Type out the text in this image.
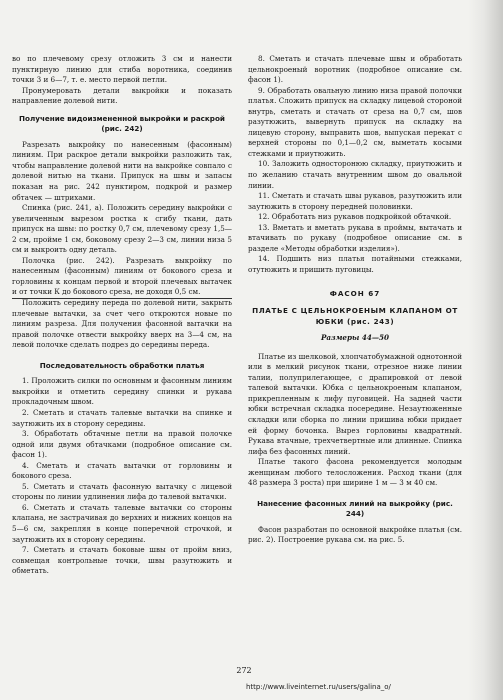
во по плечевому срезу отложить 3 см и нанести пунктирную линию для стиба воротника, соединив точки 3 и 6—7, т. е. место первой петли.

Пронумеровать детали выкройки и показать направление долевой нити.

Получение видоизмененной выкройки и раскрой (рис. 242)

Разрезать выкройку по нанесенным (фасонным) линиям. При раскрое детали выкройки разложить так, чтобы направление долевой нити на выкройке совпало с долевой нитью на ткани. Припуск на швы и запасы показан на рис. 242 пунктиром, подкрой и размер обтачек — штрихами.

Спинка (рис. 241, а). Положить середину выкройки с увеличенным вырезом ростка к сгибу ткани, дать припуск на швы: по ростку 0,7 см, плечевому срезу 1,5—2 см, пройме 1 см, боковому срезу 2—3 см, линии низа 5 см и выкроить одну деталь.

Полочка (рис. 242). Разрезать выкройку по нанесенным (фасонным) линиям от бокового среза и горловины к концам первой и второй плечевых вытачек и от точки К до бокового среза, не доходя 0,5 см.

Положить середину переда по долевой нити, закрыть плечевые вытачки, за счет чего откроются новые по линиям разреза. Для получения фасонной вытачки на правой полочке отвести выкройку вверх на 3—4 см, на левой полочке сделать подрез до середины переда.

Последовательность обработки платья

1. Проложить силки по основным и фасонным линиям выкройки и отметить середину спинки и рукава прокладочным швом.

2. Сметать и стачать талевые вытачки на спинке и заутюжить их в сторону середины.

3. Обработать обтачные петли на правой полочке одной или двумя обтачками (подробное описание см. фасон 1).

4. Сметать и стачать вытачки от горловины и бокового среза.

5. Сметать и стачать фасонную вытачку с лицевой стороны по линии удлинения лифа до талевой вытачки.

6. Сметать и стачать талевые вытачки со стороны клапана, не застрачивая до верхних и нижних концов на 5—6 см, закрепляя в конце поперечной строчкой, и заутюжить их в сторону середины.

7. Сметать и стачать боковые швы от пройм вниз, совмещая контрольные точки, швы разутюжить и обметать.

8. Сметать и стачать плечевые швы и обработать цельнокроеный воротник (подробное описание см. фасон 1).

9. Обработать овальную линию низа правой полочки платья. Сложить припуск на складку лицевой стороной внутрь, сметать и стачать от среза на 0,7 см, шов разутюжить, вывернуть припуск на складку на лицевую сторону, выправить шов, выпуская перекат с верхней стороны по 0,1—0,2 см, выметать косыми стежками и приутюжить.

10. Заложить односторонюю складку, приутюжить и по желанию стачать внутренним швом до овальной линии.

11. Сметать и стачать швы рукавов, разутюжить или заутюжить в сторону передней половинки.

12. Обработать низ рукавов подкройкой обтачкой.

13. Вметать и вметать рукава в проймы, вытачать и втачивать по рукаву (подробное описание см. в разделе «Методы обработки изделия»).

14. Подшить низ платья потайными стежками, отутюжить и пришить пуговицы.

ФАСОН 67

ПЛАТЬЕ С ЦЕЛЬНОКРОЕНЫМ КЛАПАНОМ ОТ ЮБКИ (рис. 243)

Размеры 44—50

Платье из шелковой, хлопчатобумажной однотонной или в мелкий рисунок ткани, отрезное ниже линии талии, полуприлегающее, с драпировкой от левой талевой вытачки. Юбка с цельнокроеным клапаном, прикрепленным к лифу пуговицей. На задней части юбки встречная складка посередине. Незаутюженные складки или сборка по линии пришива юбки придает ей форму бочонка. Вырез горловины квадратный. Рукава втачные, трехчетвертные или длинные. Спинка лифа без фасонных линий.

Платье такого фасона рекомендуется молодым женщинам любого телосложения. Расход ткани (для 48 размера 3 роста) при ширине 1 м — 3 м 40 см.

Нанесение фасонных линий на выкройку (рис. 244)

Фасон разработан по основной выкройке платья (см. рис. 2). Построение рукава см. на рис. 5.

272
http://www.liveinternet.ru/users/galina_o/
